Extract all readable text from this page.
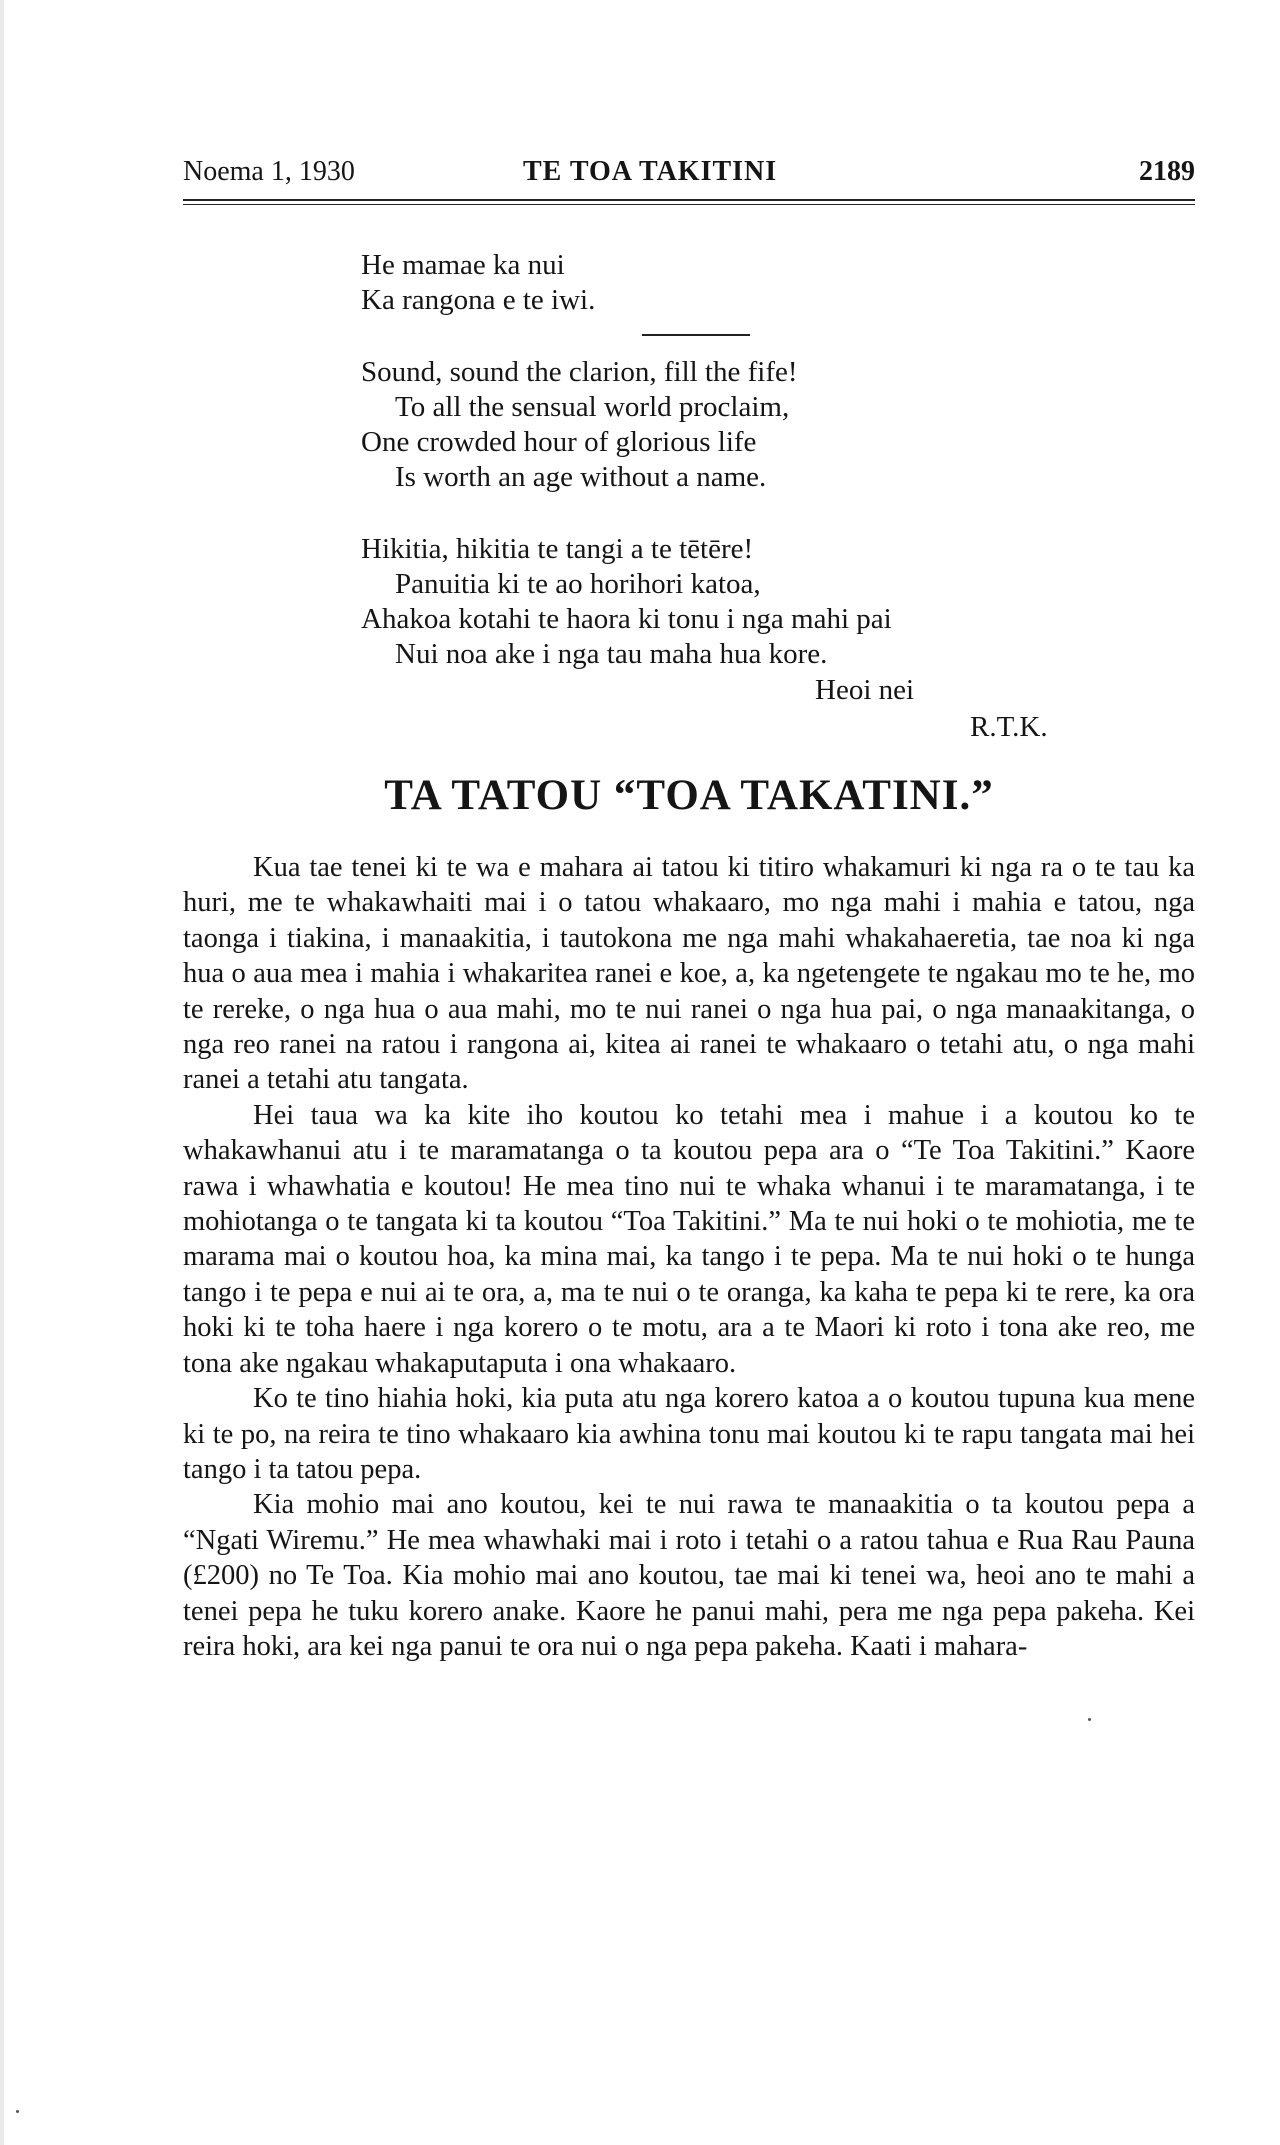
Noema 1, 1930	TE TOA TAKITINI	2189
He mamae ka nui
Ka rangona e te iwi.
Sound, sound the clarion, fill the fife!
To all the sensual world proclaim,
One crowded hour of glorious life
Is worth an age without a name.
Hikitia, hikitia te tangi a te tētēre!
Panuitia ki te ao horihori katoa,
Ahakoa kotahi te haora ki tonu i nga mahi pai
Nui noa ake i nga tau maha hua kore.
Heoi nei
R.T.K.
TA TATOU “TOA TAKATINI.”

Kua tae tenei ki te wa e mahara ai tatou ki titiro whakamuri ki nga ra o te tau ka huri, me te whakawhaiti mai i o tatou whakaaro, mo nga mahi i mahia e tatou, nga taonga i tiakina, i manaakitia, i tautokona me nga mahi whakahaeretia, tae noa ki nga hua o aua mea i mahia i whakaritea ranei e koe, a, ka ngetengete te ngakau mo te he, mo te rereke, o nga hua o aua mahi, mo te nui ranei o nga hua pai, o nga manaakitanga, o nga reo ranei na ratou i rangona ai, kitea ai ranei te whakaaro o tetahi atu, o nga mahi ranei a tetahi atu tangata.

Hei taua wa ka kite iho koutou ko tetahi mea i mahue i a koutou ko te whakawhanui atu i te maramatanga o ta koutou pepa ara o “Te Toa Takitini.” Kaore rawa i whawhatia e koutou! He mea tino nui te whaka whanui i te maramatanga, i te mohiotanga o te tangata ki ta koutou “Toa Takitini.” Ma te nui hoki o te mohiotia, me te marama mai o koutou hoa, ka mina mai, ka tango i te pepa. Ma te nui hoki o te hunga tango i te pepa e nui ai te ora, a, ma te nui o te oranga, ka kaha te pepa ki te rere, ka ora hoki ki te toha haere i nga korero o te motu, ara a te Maori ki roto i tona ake reo, me tona ake ngakau whakaputaputa i ona whakaaro.

Ko te tino hiahia hoki, kia puta atu nga korero katoa a o koutou tupuna kua mene ki te po, na reira te tino whakaaro kia awhina tonu mai koutou ki te rapu tangata mai hei tango i ta tatou pepa.

Kia mohio mai ano koutou, kei te nui rawa te manaakitia o ta koutou pepa a “Ngati Wiremu.” He mea whawhaki mai i roto i tetahi o a ratou tahua e Rua Rau Pauna (£200) no Te Toa. Kia mohio mai ano koutou, tae mai ki tenei wa, heoi ano te mahi a tenei pepa he tuku korero anake. Kaore he panui mahi, pera me nga pepa pakeha. Kei reira hoki, ara kei nga panui te ora nui o nga pepa pakeha. Kaati i mahara-
